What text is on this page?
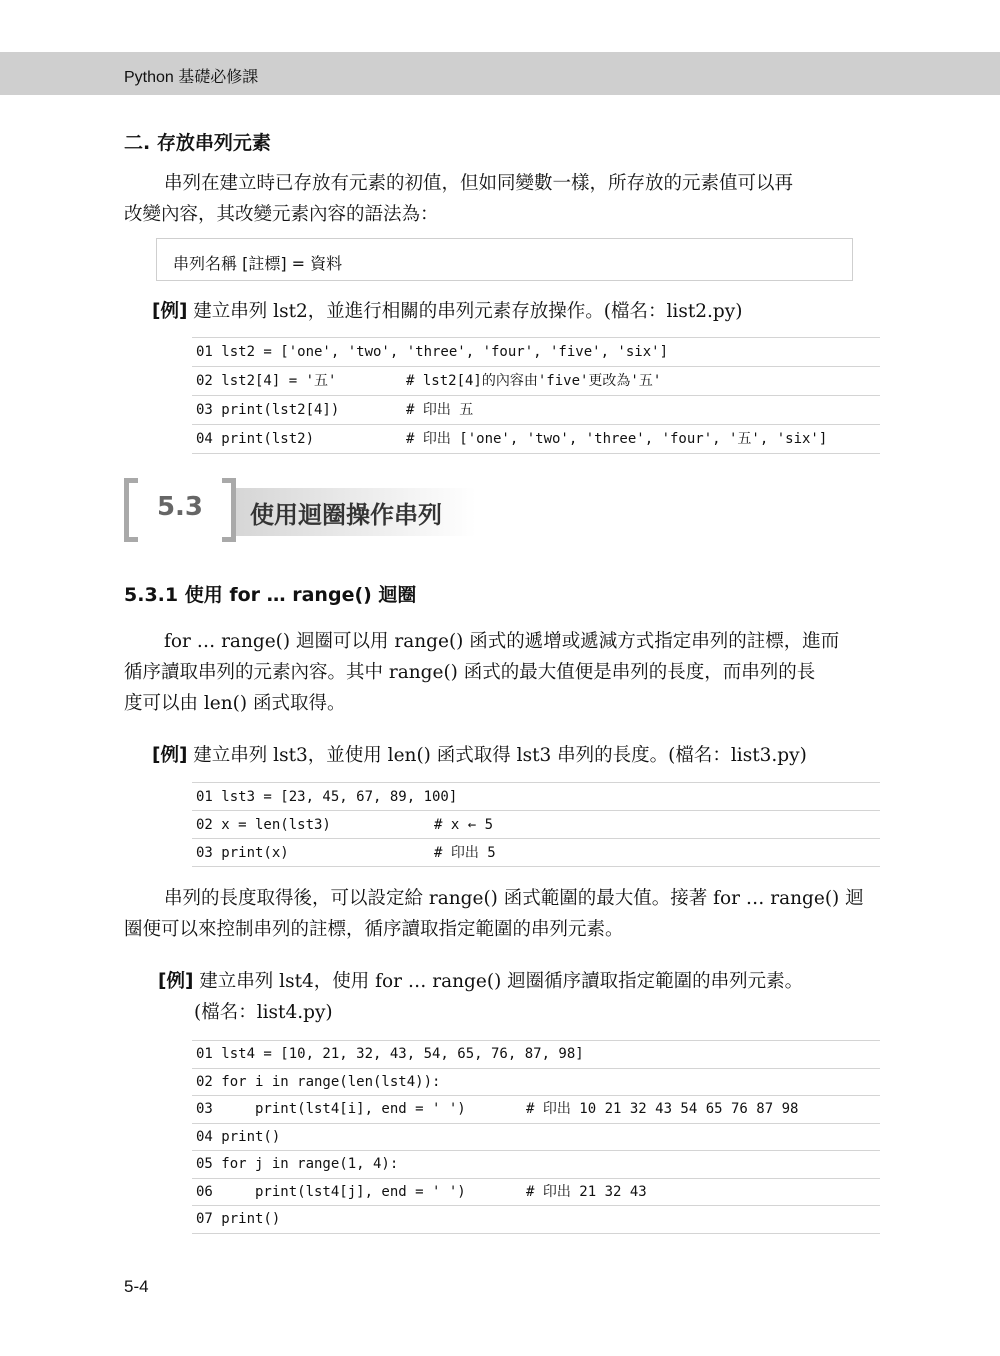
Python 基礎必修課
二. 存放串列元素
串列在建立時已存放有元素的初值，但如同變數一樣，所存放的元素值可以再
改變內容，其改變元素內容的語法為：
串列名稱 [註標] = 資料
[例] 建立串列 lst2，並進行相關的串列元素存放操作。(檔名：list2.py)
01 lst2 = ['one', 'two', 'three', 'four', 'five', 'six']
02 lst2[4] = '五'	# lst2[4]的內容由'five'更改為'五'
03 print(lst2[4])	# 印出 五
04 print(lst2)	# 印出 ['one', 'two', 'three', 'four', '五', 'six']
5.3	使用迴圈操作串列
5.3.1 使用 for … range() 迴圈
for … range() 迴圈可以用 range() 函式的遞增或遞減方式指定串列的註標，進而
循序讀取串列的元素內容。其中 range() 函式的最大值便是串列的長度，而串列的長
度可以由 len() 函式取得。
[例] 建立串列 lst3，並使用 len() 函式取得 lst3 串列的長度。(檔名：list3.py)
01 lst3 = [23, 45, 67, 89, 100]
02 x = len(lst3)	# x ← 5
03 print(x)	# 印出 5
串列的長度取得後，可以設定給 range() 函式範圍的最大值。接著 for … range() 迴
圈便可以來控制串列的註標，循序讀取指定範圍的串列元素。
[例] 建立串列 lst4，使用 for … range() 迴圈循序讀取指定範圍的串列元素。
(檔名：list4.py)
01 lst4 = [10, 21, 32, 43, 54, 65, 76, 87, 98]
02 for i in range(len(lst4)):
03     print(lst4[i], end = ' ')	# 印出 10 21 32 43 54 65 76 87 98
04 print()
05 for j in range(1, 4):
06     print(lst4[j], end = ' ')	# 印出 21 32 43
07 print()
5-4
